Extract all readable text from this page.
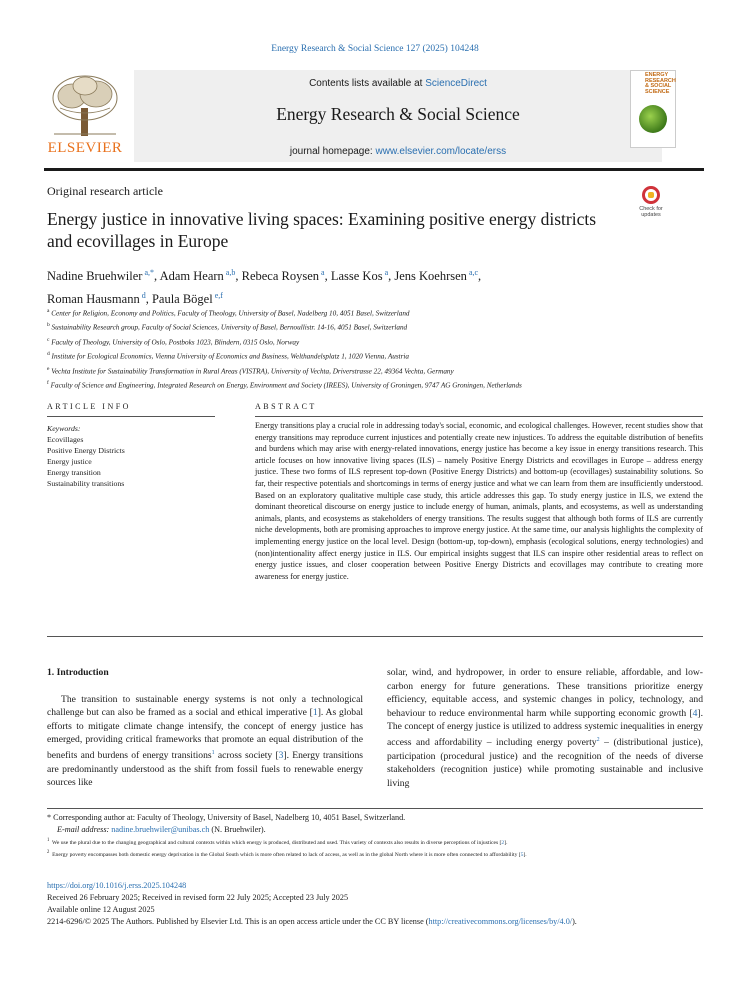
Energy Research & Social Science 127 (2025) 104248
ELSEVIER
Contents lists available at ScienceDirect
Energy Research & Social Science
journal homepage: www.elsevier.com/locate/erss
ENERGY RESEARCH & SOCIAL SCIENCE
Original research article
Energy justice in innovative living spaces: Examining positive energy districts and ecovillages in Europe
Check for updates
Nadine Bruehwiler $^{a,*}$, Adam Hearn $^{a,b}$, Rebeca Roysen $^a$, Lasse Kos $^a$, Jens Koehrsen $^{a,c}$,
Roman Hausmann $^d$, Paula Bögel $^{e,f}$
$^a$ Center for Religion, Economy and Politics, Faculty of Theology, University of Basel, Nadelberg 10, 4051 Basel, Switzerland
$^b$ Sustainability Research group, Faculty of Social Sciences, University of Basel, Bernoullistr. 14-16, 4051 Basel, Switzerland
$^c$ Faculty of Theology, University of Oslo, Postboks 1023, Blindern, 0315 Oslo, Norway
$^d$ Institute for Ecological Economics, Vienna University of Economics and Business, Welthandelsplatz 1, 1020 Vienna, Austria
$^e$ Vechta Institute for Sustainability Transformation in Rural Areas (VISTRA), University of Vechta, Driverstrasse 22, 49364 Vechta, Germany
$^f$ Faculty of Science and Engineering, Integrated Research on Energy, Environment and Society (IREES), University of Groningen, 9747 AG Groningen, Netherlands
ARTICLE INFO	ABSTRACT
Keywords:
Ecovillages
Positive Energy Districts
Energy justice
Energy transition
Sustainability transitions
Energy transitions play a crucial role in addressing today's social, economic, and ecological challenges. However, recent studies show that energy transitions may reproduce current injustices and potentially create new injustices. To address the equitable distribution of benefits and burdens which may arise with energy-related innovations, energy justice has become a key issue in energy transitions research. This article focuses on how innovative living spaces (ILS) – namely Positive Energy Districts and ecovillages in Europe – address energy justice. These two forms of ILS represent top-down (Positive Energy Districts) and bottom-up (ecovillages) sustainability solutions. So far, their respective potentials and shortcomings in terms of energy justice and what we can learn from them are insufficiently understood. Based on an exploratory qualitative multiple case study, this article addresses this gap. To study energy justice in ILS, we extend the dominant theoretical discourse on energy justice to include energy of human, animals, plants, and ecosystems, as well as understanding animals, plants, and ecosystems as stakeholders of energy transitions. The results suggest that although both forms of ILS are currently niche developments, both are promising approaches to improve energy justice. At the same time, our analysis highlights the complexity of implementing energy justice on the local level. Design (bottom-up, top-down), emphasis (ecological solutions, energy technologies) and (non)intentionality affect energy justice in ILS. Our empirical insights suggest that ILS can inspire other residential areas to reflect on energy justice issues, and closer cooperation between Positive Energy Districts and ecovillages may contribute to creating more awareness for energy justice.
1. Introduction

The transition to sustainable energy systems is not only a technological challenge but can also be framed as a social and ethical imperative [1]. As global efforts to mitigate climate change intensify, the concept of energy justice has emerged, providing critical frameworks that promote an equal distribution of the benefits and burdens of energy transitions$^1$ across society [3]. Energy transitions are predominantly understood as the shift from fossil fuels to renewable energy sources like

solar, wind, and hydropower, in order to ensure reliable, affordable, and low-carbon energy for future generations. These transitions prioritize energy efficiency, equitable access, and systemic changes in policy, technology, and behaviour to reduce environmental harm while supporting economic growth [4]. The concept of energy justice is utilized to address systemic inequalities in energy access and affordability – including energy poverty$^2$ – (distributional justice), participation (procedural justice) and the recognition of the needs of diverse stakeholders (recognition justice) while promoting sustainable and inclusive living

* Corresponding author at: Faculty of Theology, University of Basel, Nadelberg 10, 4051 Basel, Switzerland.
E-mail address: nadine.bruehwiler@unibas.ch (N. Bruehwiler).
$^1$ We use the plural due to the changing geographical and cultural contexts within which energy is produced, distributed and used. This variety of contexts also results in diverse perceptions of injustices [2].
$^2$ Energy poverty encompasses both domestic energy deprivation in the Global South which is more often related to lack of access, as well as in the global North where it is more often connected to affordability [5].
https://doi.org/10.1016/j.erss.2025.104248
Received 26 February 2025; Received in revised form 22 July 2025; Accepted 23 July 2025
Available online 12 August 2025
2214-6296/© 2025 The Authors. Published by Elsevier Ltd. This is an open access article under the CC BY license (http://creativecommons.org/licenses/by/4.0/).
